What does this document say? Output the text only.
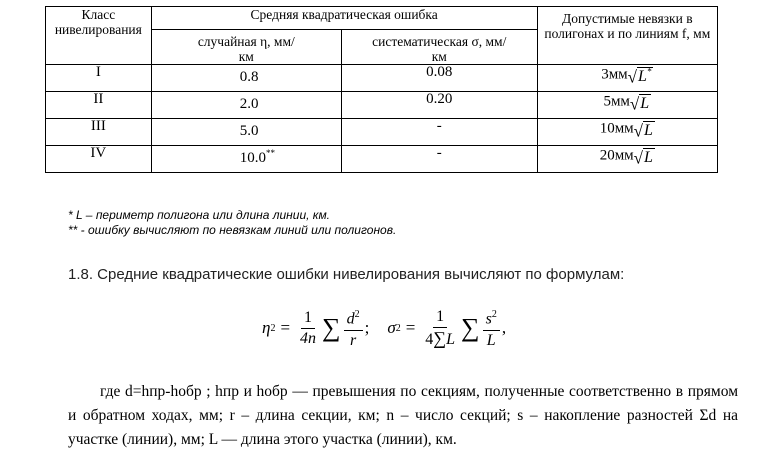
Класс нивелирования	Средняя квадратическая ошибка		Допустимые невязки в полигонах и по линиям f, мм
	случайная η, мм/км	систематическая σ, мм/км	
I	0.8	0.08	3мм√L*
II	2.0	0.20	5мм√L
III	5.0	-	10мм√L
IV	10.0**	-	20мм√L
* L – периметр полигона или длина линии, км.
** - ошибку вычисляют по невязкам линий или полигонов.
1.8. Средние квадратические ошибки нивелирования вычисляют по формулам:
η $2 = \frac{1}{4n}$ ∑ $\frac{d^2}{r}$ ; σ $2 = \frac{1}{4\sum L}$ ∑ $\frac{s^2}{L}$ ,
где d=hпр-hобр ; hпр и hобр — превышения по секциям, полученные соответственно в прямом и обратном ходах, мм; r – длина секции, км; n – число секций; s – накопление разностей Σd на участке (линии), мм; L — длина этого участка (линии), км.
